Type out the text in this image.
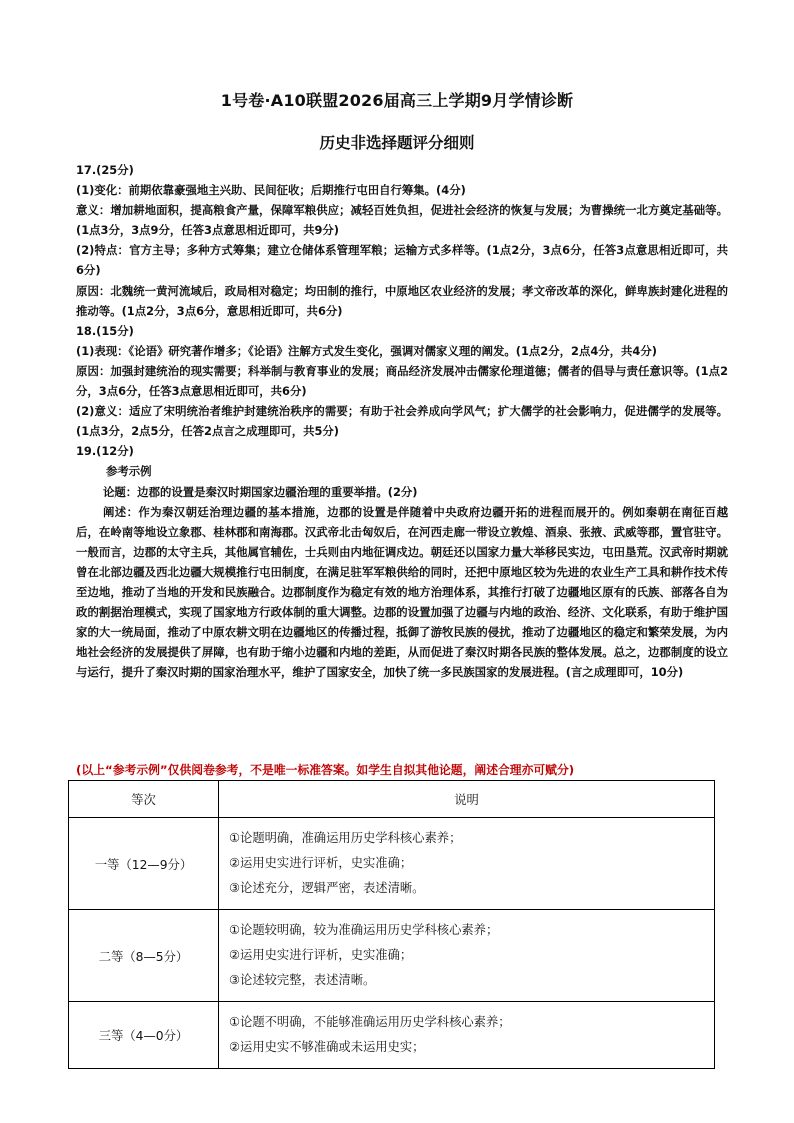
1号卷·A10联盟2026届高三上学期9月学情诊断
历史非选择题评分细则

17.(25分)

(1)变化：前期依靠豪强地主兴助、民间征收；后期推行屯田自行筹集。(4分)

意义：增加耕地面积，提高粮食产量，保障军粮供应；减轻百姓负担，促进社会经济的恢复与发展；为曹操统一北方奠定基础等。(1点3分，3点9分，任答3点意思相近即可，共9分)

(2)特点：官方主导；多种方式筹集；建立仓储体系管理军粮；运输方式多样等。(1点2分，3点6分，任答3点意思相近即可，共6分)

原因：北魏统一黄河流域后，政局相对稳定；均田制的推行，中原地区农业经济的发展；孝文帝改革的深化，鲜卑族封建化进程的推动等。(1点2分，3点6分，意思相近即可，共6分)

18.(15分)

(1)表现：《论语》研究著作增多；《论语》注解方式发生变化，强调对儒家义理的阐发。(1点2分，2点4分，共4分)

原因：加强封建统治的现实需要；科举制与教育事业的发展；商品经济发展冲击儒家伦理道德；儒者的倡导与责任意识等。(1点2分，3点6分，任答3点意思相近即可，共6分)

(2)意义：适应了宋明统治者维护封建统治秩序的需要；有助于社会养成向学风气；扩大儒学的社会影响力，促进儒学的发展等。(1点3分，2点5分，任答2点言之成理即可，共5分)

19.(12分)

参考示例

论题：边郡的设置是秦汉时期国家边疆治理的重要举措。(2分)

阐述：作为秦汉朝廷治理边疆的基本措施，边郡的设置是伴随着中央政府边疆开拓的进程而展开的。例如秦朝在南征百越后，在岭南等地设立象郡、桂林郡和南海郡。汉武帝北击匈奴后，在河西走廊一带设立敦煌、酒泉、张掖、武威等郡，置官驻守。一般而言，边郡的太守主兵，其他属官辅佐，士兵则由内地征调戍边。朝廷还以国家力量大举移民实边，屯田垦荒。汉武帝时期就曾在北部边疆及西北边疆大规模推行屯田制度，在满足驻军军粮供给的同时，还把中原地区较为先进的农业生产工具和耕作技术传至边地，推动了当地的开发和民族融合。边郡制度作为稳定有效的地方治理体系，其推行打破了边疆地区原有的氏族、部落各自为政的割据治理模式，实现了国家地方行政体制的重大调整。边郡的设置加强了边疆与内地的政治、经济、文化联系，有助于维护国家的大一统局面，推动了中原农耕文明在边疆地区的传播过程，抵御了游牧民族的侵扰，推动了边疆地区的稳定和繁荣发展，为内地社会经济的发展提供了屏障，也有助于缩小边疆和内地的差距，从而促进了秦汉时期各民族的整体发展。总之，边郡制度的设立与运行，提升了秦汉时期的国家治理水平，维护了国家安全，加快了统一多民族国家的发展进程。(言之成理即可，10分)

(以上“参考示例”仅供阅卷参考，不是唯一标准答案。如学生自拟其他论题，阐述合理亦可赋分)
等次	说明
一等（12—9分）	①论题明确，准确运用历史学科核心素养；
②运用史实进行评析，史实准确；
③论述充分，逻辑严密，表述清晰。

二等（8—5分）	①论题较明确，较为准确运用历史学科核心素养；
②运用史实进行评析，史实准确；
③论述较完整，表述清晰。

三等（4—0分）	①论题不明确，不能够准确运用历史学科核心素养；
②运用史实不够准确或未运用史实；
